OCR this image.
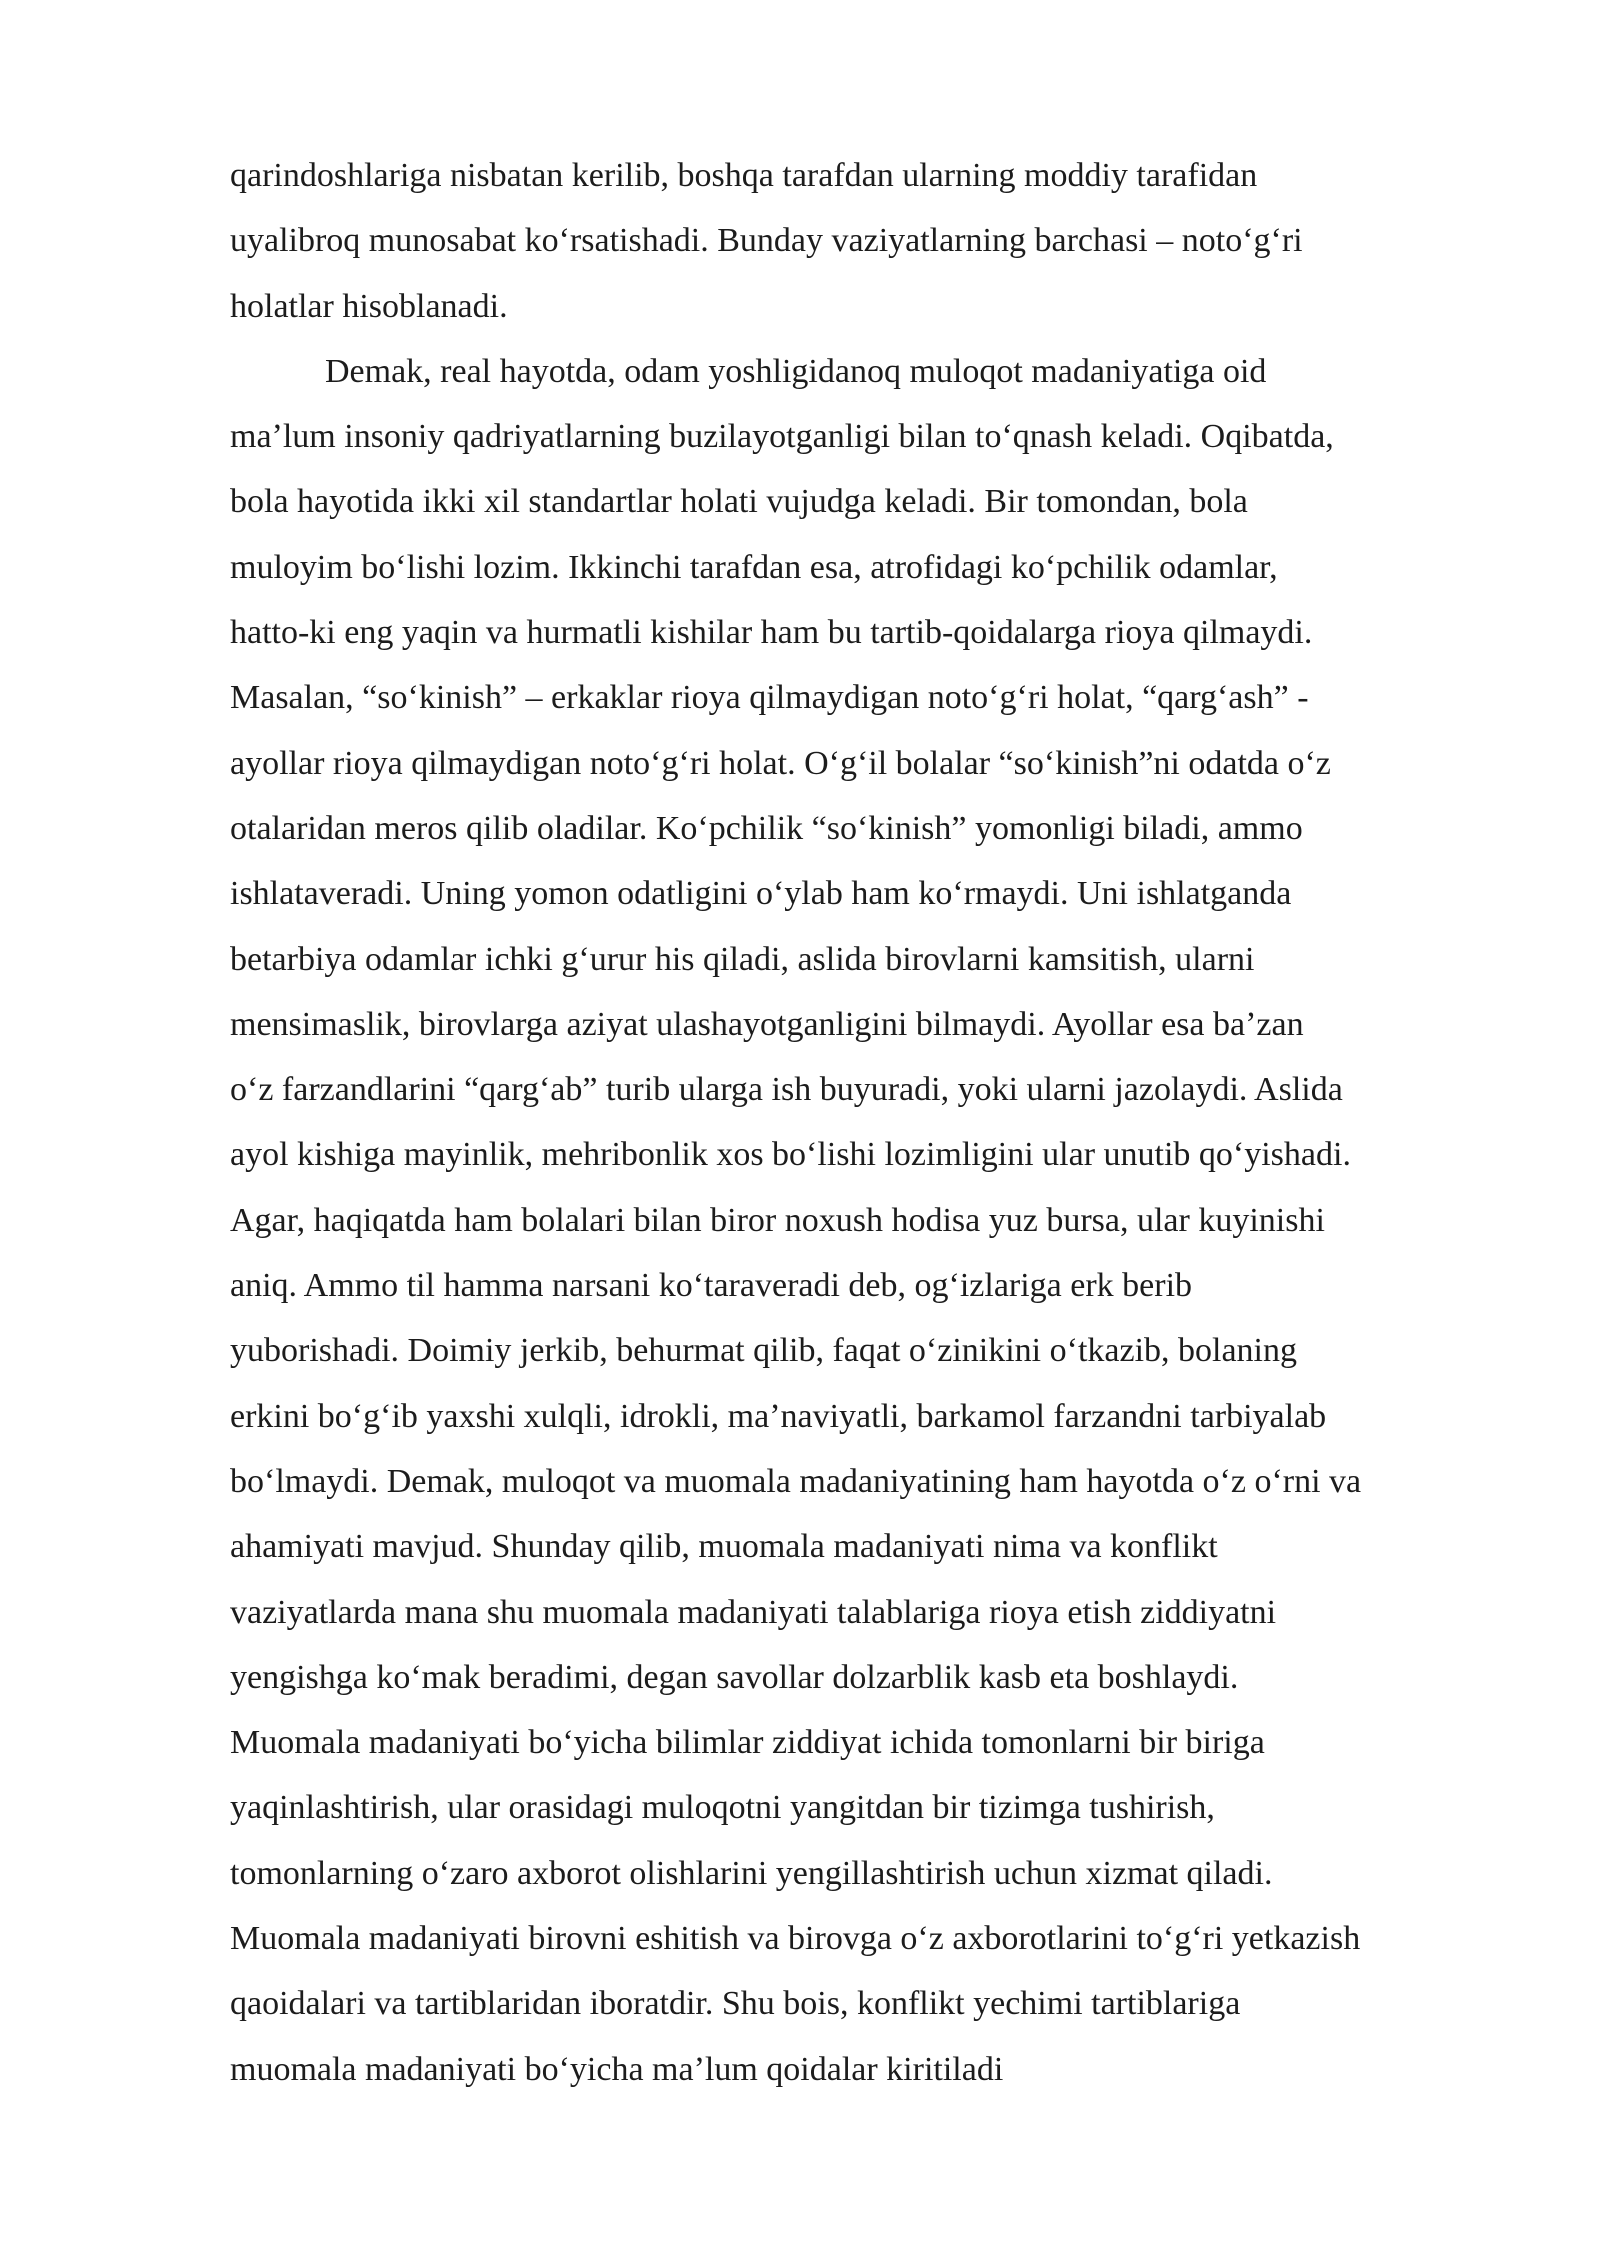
qarindoshlariga nisbatan kerilib, boshqa tarafdan ularning moddiy tarafidan
uyalibroq munosabat koʻrsatishadi. Bunday vaziyatlarning barchasi – notoʻgʻri
holatlar hisoblanadi.
Demak, real hayotda, odam yoshligidanoq muloqot madaniyatiga oid
maʼlum insoniy qadriyatlarning buzilayotganligi bilan toʻqnash keladi. Oqibatda,
bola hayotida ikki xil standartlar holati vujudga keladi. Bir tomondan, bola
muloyim boʻlishi lozim. Ikkinchi tarafdan esa, atrofidagi koʻpchilik odamlar,
hatto-ki eng yaqin va hurmatli kishilar ham bu tartib-qoidalarga rioya qilmaydi.
Masalan, “soʻkinish” – erkaklar rioya qilmaydigan notoʻgʻri holat, “qargʻash” -
ayollar rioya qilmaydigan notoʻgʻri holat. Oʻgʻil bolalar “soʻkinish”ni odatda oʻz
otalaridan meros qilib oladilar. Koʻpchilik “soʻkinish” yomonligi biladi, ammo
ishlataveradi. Uning yomon odatligini oʻylab ham koʻrmaydi. Uni ishlatganda
betarbiya odamlar ichki gʻurur his qiladi, aslida birovlarni kamsitish, ularni
mensimaslik, birovlarga aziyat ulashayotganligini bilmaydi. Ayollar esa baʼzan
oʻz farzandlarini “qargʻab” turib ularga ish buyuradi, yoki ularni jazolaydi. Aslida
ayol kishiga mayinlik, mehribonlik xos boʻlishi lozimligini ular unutib qoʻyishadi.
Agar, haqiqatda ham bolalari bilan biror noxush hodisa yuz bursa, ular kuyinishi
aniq. Ammo til hamma narsani koʻtaraveradi deb, ogʻizlariga erk berib
yuborishadi. Doimiy jerkib, behurmat qilib, faqat oʻzinikini oʻtkazib, bolaning
erkini boʻgʻib yaxshi xulqli, idrokli, maʼnaviyatli, barkamol farzandni tarbiyalab
boʻlmaydi. Demak, muloqot va muomala madaniyatining ham hayotda oʻz oʻrni va
ahamiyati mavjud. Shunday qilib, muomala madaniyati nima va konflikt
vaziyatlarda mana shu muomala madaniyati talablariga rioya etish ziddiyatni
yengishga koʻmak beradimi, degan savollar dolzarblik kasb eta boshlaydi.
Muomala madaniyati boʻyicha bilimlar ziddiyat ichida tomonlarni bir biriga
yaqinlashtirish, ular orasidagi muloqotni yangitdan bir tizimga tushirish,
tomonlarning oʻzaro axborot olishlarini yengillashtirish uchun xizmat qiladi.
Muomala madaniyati birovni eshitish va birovga oʻz axborotlarini toʻgʻri yetkazish
qaoidalari va tartiblaridan iboratdir. Shu bois, konflikt yechimi tartiblariga
muomala madaniyati boʻyicha maʼlum qoidalar kiritiladi
